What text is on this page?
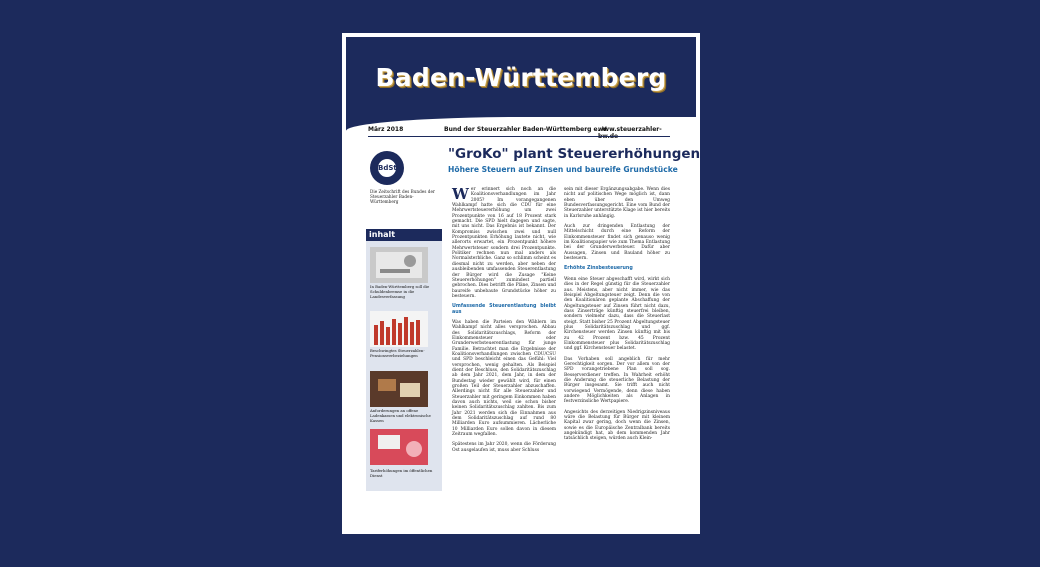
Baden-Württemberg
März 2018	Bund der Steuerzahler Baden-Württemberg e. V.
www.steuerzahler-
BdSt
Die Zeitschrift des Bundes der Steuerzahler Baden-Württemberg
inhalt
In Baden-Württemberg soll die Schuldenbremse in die Landesverfassung
Beschwingtes Steuerzahlen-Pensionsverbeziehungen
Anforderungen an offene Ladenkassen und elektronische Kassen
Tariferhöhungen im öffentlichen Dienst
"GroKo" plant Steuererhöhungen
Höhere Steuern auf Zinsen und baureife Grundstücke

Wer erinnert sich noch an die Koalitionsverhandlungen im Jahr 2005? Im vorangegangenen Wahlkampf hatte sich die CDU für eine Mehrwertsteuererhöhung um zwei Prozentpunkte von 16 auf 18 Prozent stark gemacht. Die SPD hielt dagegen und sagte, mit uns nicht. Das Ergebnis ist bekannt. Der Kompromiss zwischen zwei und null Prozentpunkten Erhöhung lautete nicht, wie allerorts erwartet, ein Prozentpunkt höhere Mehrwertsteuer sondern drei Prozentpunkte. Politiker rechnen nun mal anders als Normalsterbliche. Ganz so schlimm scheint es diesmal nicht zu werden, aber neben der ausbleibenden umfassenden Steuerentlastung der Bürger wird die Zusage "Keine Steuererhöhungen" zumindest partiell gebrochen. Dies betrifft die Pläne, Zinsen und baureife unbebaute Grundstücke höher zu besteuern.

Umfassende Steuerentlastung bleibt aus

Was haben die Parteien den Wählern im Wahlkampf nicht alles versprochen. Abbau des Solidaritätszuschlags, Reform der Einkommensteuer oder Grunderwerbsteuerentlastung für junge Familie. Betrachtet man die Ergebnisse der Koalitionsverhandlungen zwischen CDU/CSU und SPD beschleicht einen das Gefühl: Viel versprochen, wenig gehalten. Als Beispiel dient der Beschluss, den Solidaritätszuschlag ab dem Jahr 2021, dem Jahr, in dem der Bundestag wieder gewählt wird, für einen großen Teil der Steuerzahler abzuschaffen. Allerdings nicht für alle Steuerzahler und Steuerzahler mit geringem Einkommen haben davon auch nichts, weil sie schon bisher keinen Solidaritätszuschlag zahlten. Bis zum Jahr 2021 werden sich die Einnahmen aus dem Solidaritätszuschlag auf rund 80 Milliarden Euro aufsummieren. Lächerliche 10 Milliarden Euro sollen davon in diesem Zeitraum wegfallen.

Spätestens im Jahr 2020, wenn die Förderung Ost ausgelaufen ist, muss aber Schluss

sein mit dieser Ergänzungsabgabe. Wenn dies nicht auf politischen Wege möglich ist, dann eben über den Umweg Bundesverfassungsgericht. Eine vom Bund der Steuerzahler unterstützte Klage ist hier bereits in Karlsruhe anhängig.

Auch zur dringenden Entlastung der Mittelschicht durch eine Reform der Einkommensteuer findet sich genauso wenig im Koalitionspapier wie zum Thema Entlastung bei der Grunderwerbsteuer. Dafür aber Aussagen, Zinsen und Bauland höher zu besteuern.

Erhöhte Zinsbesteuerung

Wenn eine Steuer abgeschafft wird, wirkt sich dies in der Regel günstig für die Steuerzahler aus. Meistens, aber nicht immer, wie das Beispiel Abgeltungsteuer zeigt. Denn die von den Koalitionären geplante Abschaffung der Abgeltungsteuer auf Zinsen führt nicht dazu, dass Zinserträge künftig steuerfrei bleiben, sondern vielmehr dazu, dass die Steuerlast steigt. Statt bisher 25 Prozent Abgeltungsteuer plus Solidaritätszuschlag und ggf. Kirchensteuer werden Zinsen künftig mit bis zu 42 Prozent bzw. 45 Prozent Einkommensteuer plus Solidaritätszuschlag und ggf. Kirchensteuer belastet.

Das Vorhaben soll angeblich für mehr Gerechtigkeit sorgen. Der vor allem von der SPD vorangetriebene Plan soll sog. Besserverdiener treffen. In Wahrheit erhöht die Änderung die steuerliche Belastung der Bürger insgesamt. Sie trifft auch nicht vorwiegend Vermögende, denn diese haben andere Möglichkeiten als Anlagen in festverzinsliche Wertpapiere.

Angesichts des derzeitigen Niedrigzinsniveaus wäre die Belastung für Bürger mit kleinem Kapital zwar gering, doch wenn die Zinsen, sowie es die Europäische Zentralbank bereits angekündigt hat, ab dem kommenden Jahr tatsächlich steigen, würden auch Klein-
